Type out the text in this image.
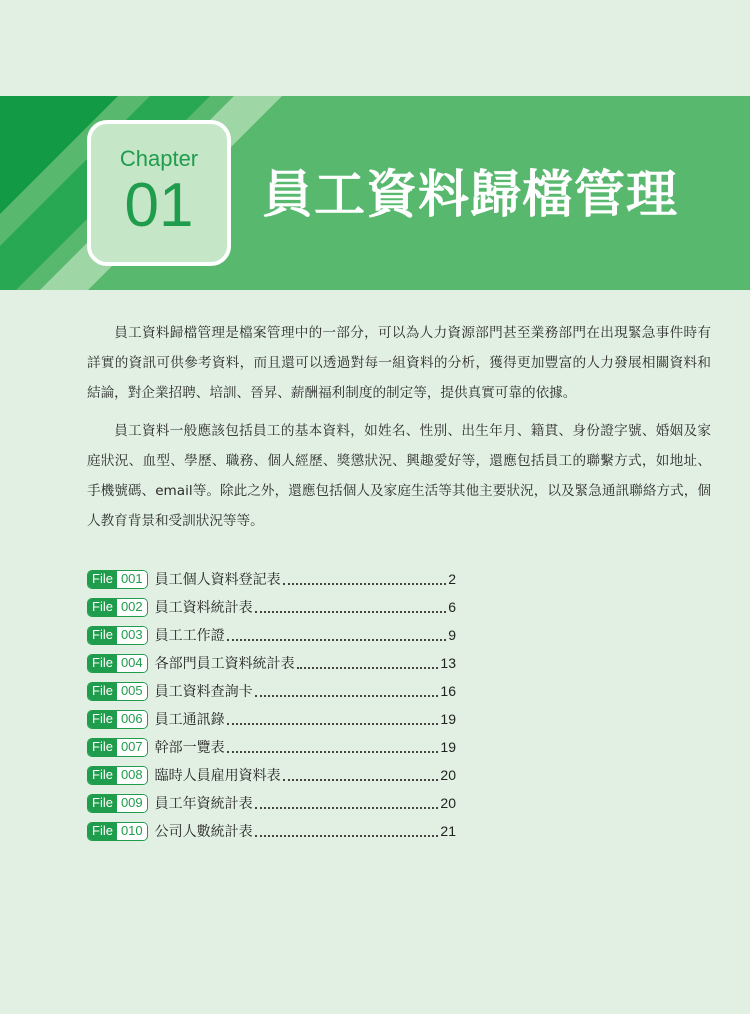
Chapter
01	員工資料歸檔管理

員工資料歸檔管理是檔案管理中的一部分，可以為人力資源部門甚至業務部門在出現緊急事件時有詳實的資訊可供參考資料，而且還可以透過對每一組資料的分析，獲得更加豐富的人力發展相關資料和結論，對企業招聘、培訓、晉昇、薪酬福利制度的制定等，提供真實可靠的依據。

員工資料一般應該包括員工的基本資料，如姓名、性別、出生年月、籍貫、身份證字號、婚姻及家庭狀況、血型、學歷、職務、個人經歷、獎懲狀況、興趣愛好等，還應包括員工的聯繫方式，如地址、手機號碼、email等。除此之外，還應包括個人及家庭生活等其他主要狀況，以及緊急通訊聯絡方式，個人教育背景和受訓狀況等等。

File 001 員工個人資料登記表	2
File 002 員工資料統計表	6
File 003 員工工作證	9
File 004 各部門員工資料統計表	13
File 005 員工資料查詢卡	16
File 006 員工通訊錄	19
File 007 幹部一覽表	19
File 008 臨時人員雇用資料表	20
File 009 員工年資統計表	20
File 010 公司人數統計表	21
